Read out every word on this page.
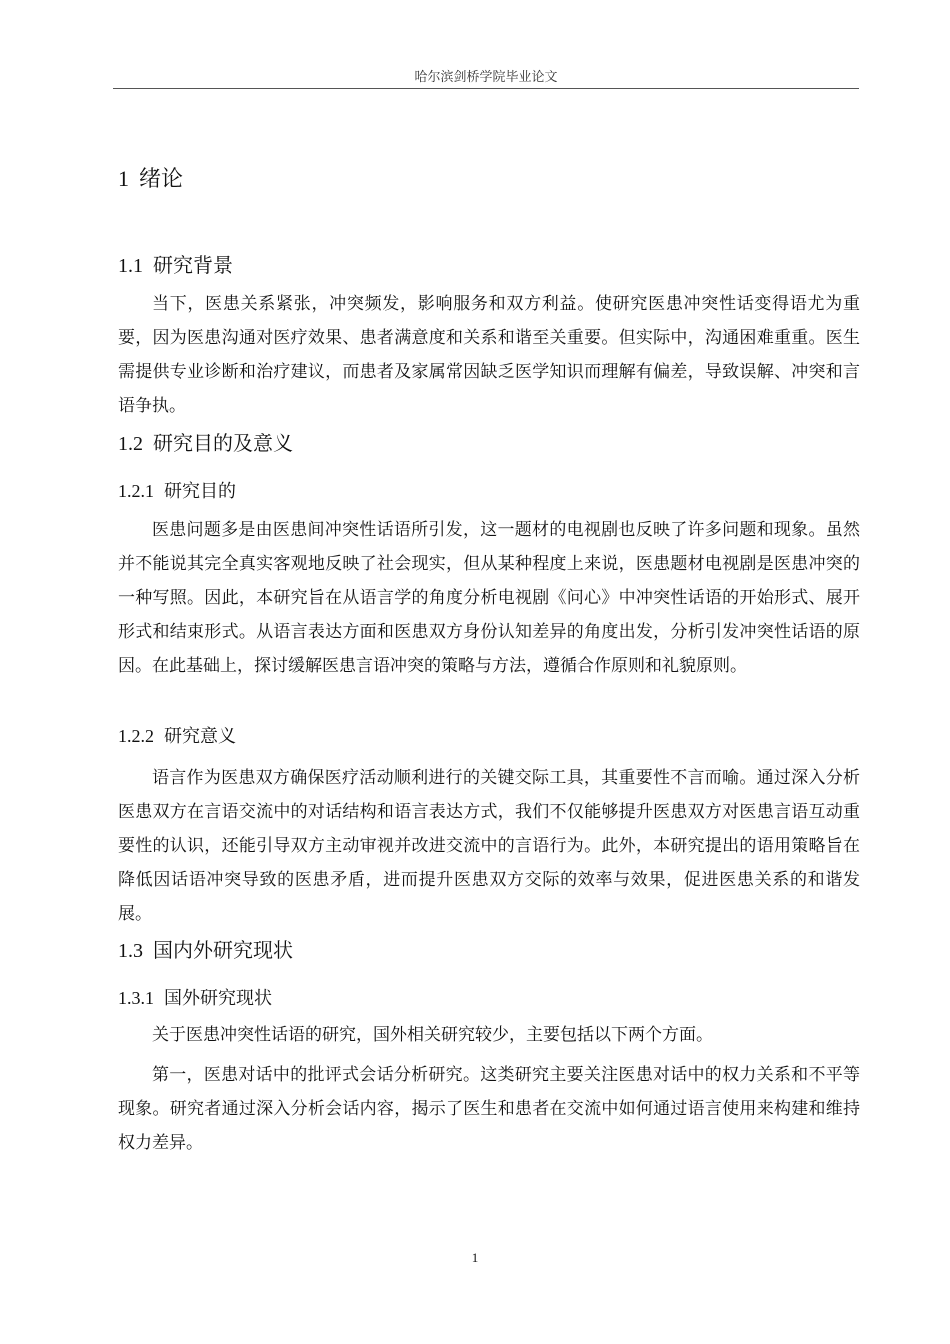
哈尔滨剑桥学院毕业论文
1 绪论
1.1 研究背景

当下，医患关系紧张，冲突频发，影响服务和双方利益。使研究医患冲突性话变得语尤为重要，因为医患沟通对医疗效果、患者满意度和关系和谐至关重要。但实际中，沟通困难重重。医生需提供专业诊断和治疗建议，而患者及家属常因缺乏医学知识而理解有偏差，导致误解、冲突和言语争执。

1.2 研究目的及意义
1.2.1 研究目的

医患问题多是由医患间冲突性话语所引发，这一题材的电视剧也反映了许多问题和现象。虽然并不能说其完全真实客观地反映了社会现实，但从某种程度上来说，医患题材电视剧是医患冲突的一种写照。因此，本研究旨在从语言学的角度分析电视剧《问心》中冲突性话语的开始形式、展开形式和结束形式。从语言表达方面和医患双方身份认知差异的角度出发，分析引发冲突性话语的原因。在此基础上，探讨缓解医患言语冲突的策略与方法，遵循合作原则和礼貌原则。

1.2.2 研究意义

语言作为医患双方确保医疗活动顺利进行的关键交际工具，其重要性不言而喻。通过深入分析医患双方在言语交流中的对话结构和语言表达方式，我们不仅能够提升医患双方对医患言语互动重要性的认识，还能引导双方主动审视并改进交流中的言语行为。此外，本研究提出的语用策略旨在降低因话语冲突导致的医患矛盾，进而提升医患双方交际的效率与效果，促进医患关系的和谐发展。

1.3 国内外研究现状
1.3.1 国外研究现状

关于医患冲突性话语的研究，国外相关研究较少，主要包括以下两个方面。

第一，医患对话中的批评式会话分析研究。这类研究主要关注医患对话中的权力关系和不平等现象。研究者通过深入分析会话内容，揭示了医生和患者在交流中如何通过语言使用来构建和维持权力差异。

1
